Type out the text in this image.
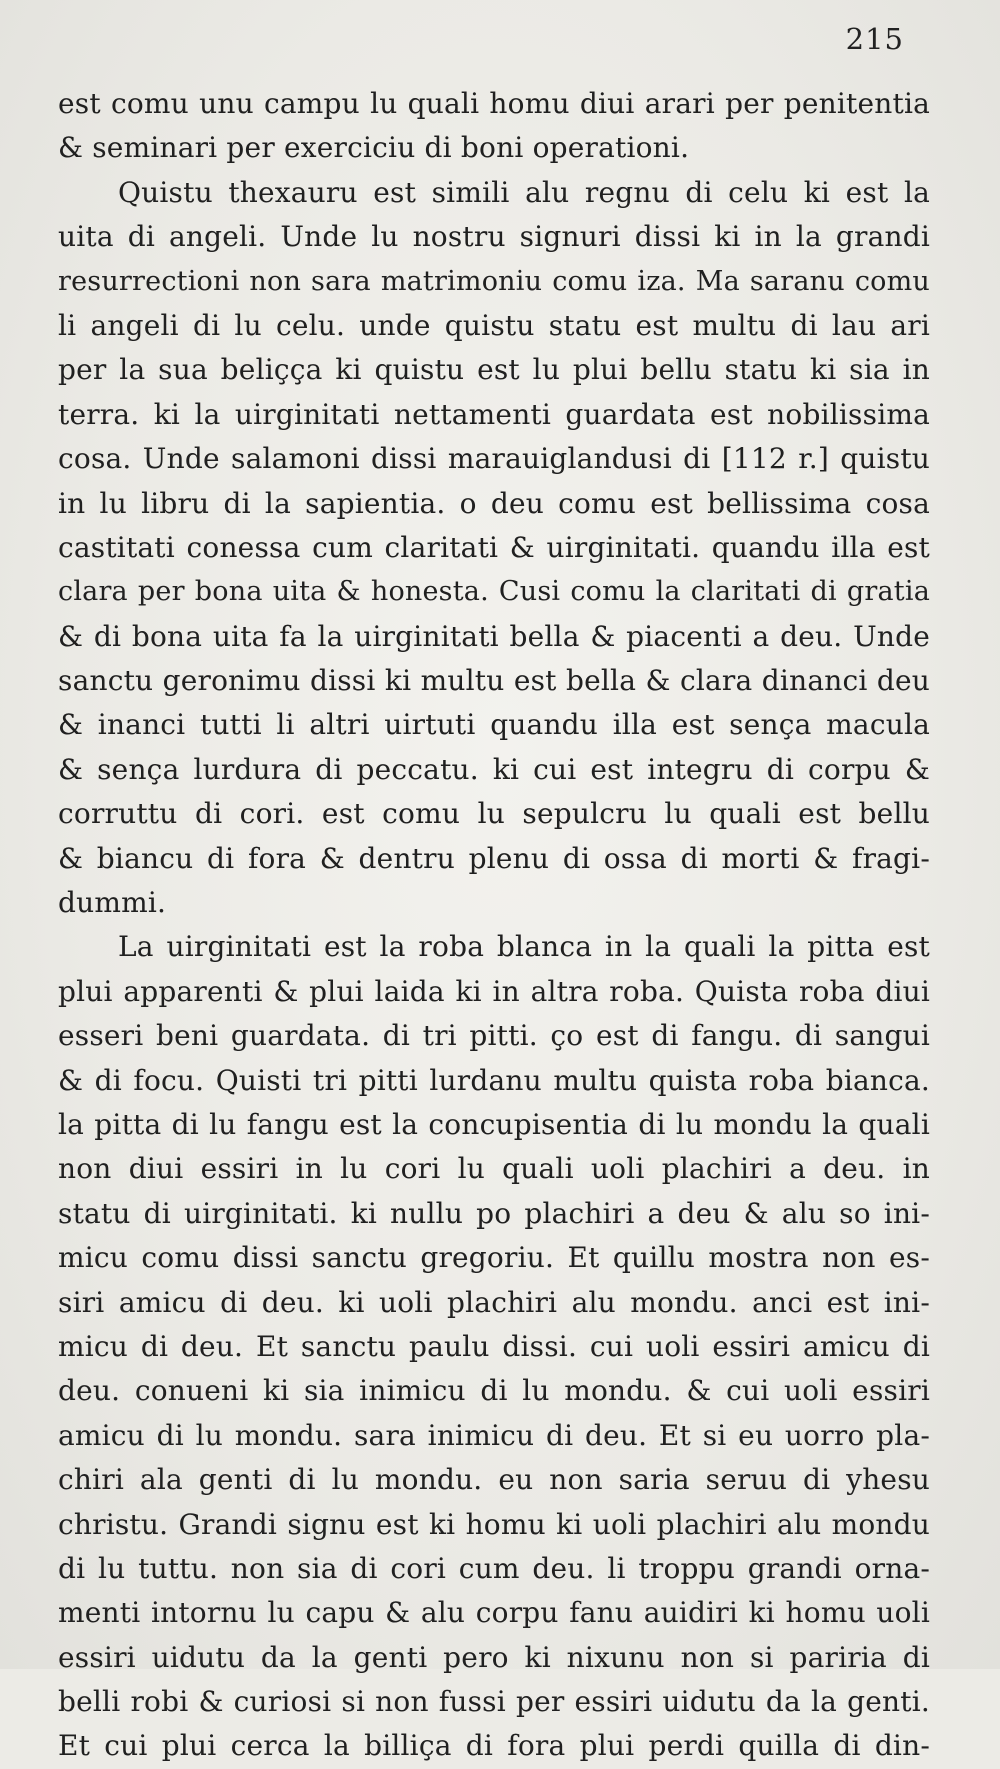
215
est comu unu campu lu quali homu diui arari per penitentia
& seminari per exerciciu di boni operationi.
Quistu thexauru est simili alu regnu di celu ki est la
uita di angeli. Unde lu nostru signuri dissi ki in la grandi
resurrectioni non sara matrimoniu comu iza. Ma saranu comu
li angeli di lu celu. unde quistu statu est multu di lau ari
per la sua beliçça ki quistu est lu plui bellu statu ki sia in
terra. ki la uirginitati nettamenti guardata est nobilissima
cosa. Unde salamoni dissi marauiglandusi di [112 r.] quistu
in lu libru di la sapientia. o deu comu est bellissima cosa
castitati conessa cum claritati & uirginitati. quandu illa est
clara per bona uita & honesta. Cusi comu la claritati di gratia
& di bona uita fa la uirginitati bella & piacenti a deu. Unde
sanctu geronimu dissi ki multu est bella & clara dinanci deu
& inanci tutti li altri uirtuti quandu illa est sença macula
& sença lurdura di peccatu. ki cui est integru di corpu &
corruttu di cori. est comu lu sepulcru lu quali est bellu
& biancu di fora & dentru plenu di ossa di morti & fragi-
dummi.
La uirginitati est la roba blanca in la quali la pitta est
plui apparenti & plui laida ki in altra roba. Quista roba diui
esseri beni guardata. di tri pitti. ço est di fangu. di sangui
& di focu. Quisti tri pitti lurdanu multu quista roba bianca.
la pitta di lu fangu est la concupisentia di lu mondu la quali
non diui essiri in lu cori lu quali uoli plachiri a deu. in
statu di uirginitati. ki nullu po plachiri a deu & alu so ini-
micu comu dissi sanctu gregoriu. Et quillu mostra non es-
siri amicu di deu. ki uoli plachiri alu mondu. anci est ini-
micu di deu. Et sanctu paulu dissi. cui uoli essiri amicu di
deu. conueni ki sia inimicu di lu mondu. & cui uoli essiri
amicu di lu mondu. sara inimicu di deu. Et si eu uorro pla-
chiri ala genti di lu mondu. eu non saria seruu di yhesu
christu. Grandi signu est ki homu ki uoli plachiri alu mondu
di lu tuttu. non sia di cori cum deu. li troppu grandi orna-
menti intornu lu capu & alu corpu fanu auidiri ki homu uoli
essiri uidutu da la genti pero ki nixunu non si pariria di
belli robi & curiosi si non fussi per essiri uidutu da la genti.
Et cui plui cerca la billiça di fora plui perdi quilla di din-
